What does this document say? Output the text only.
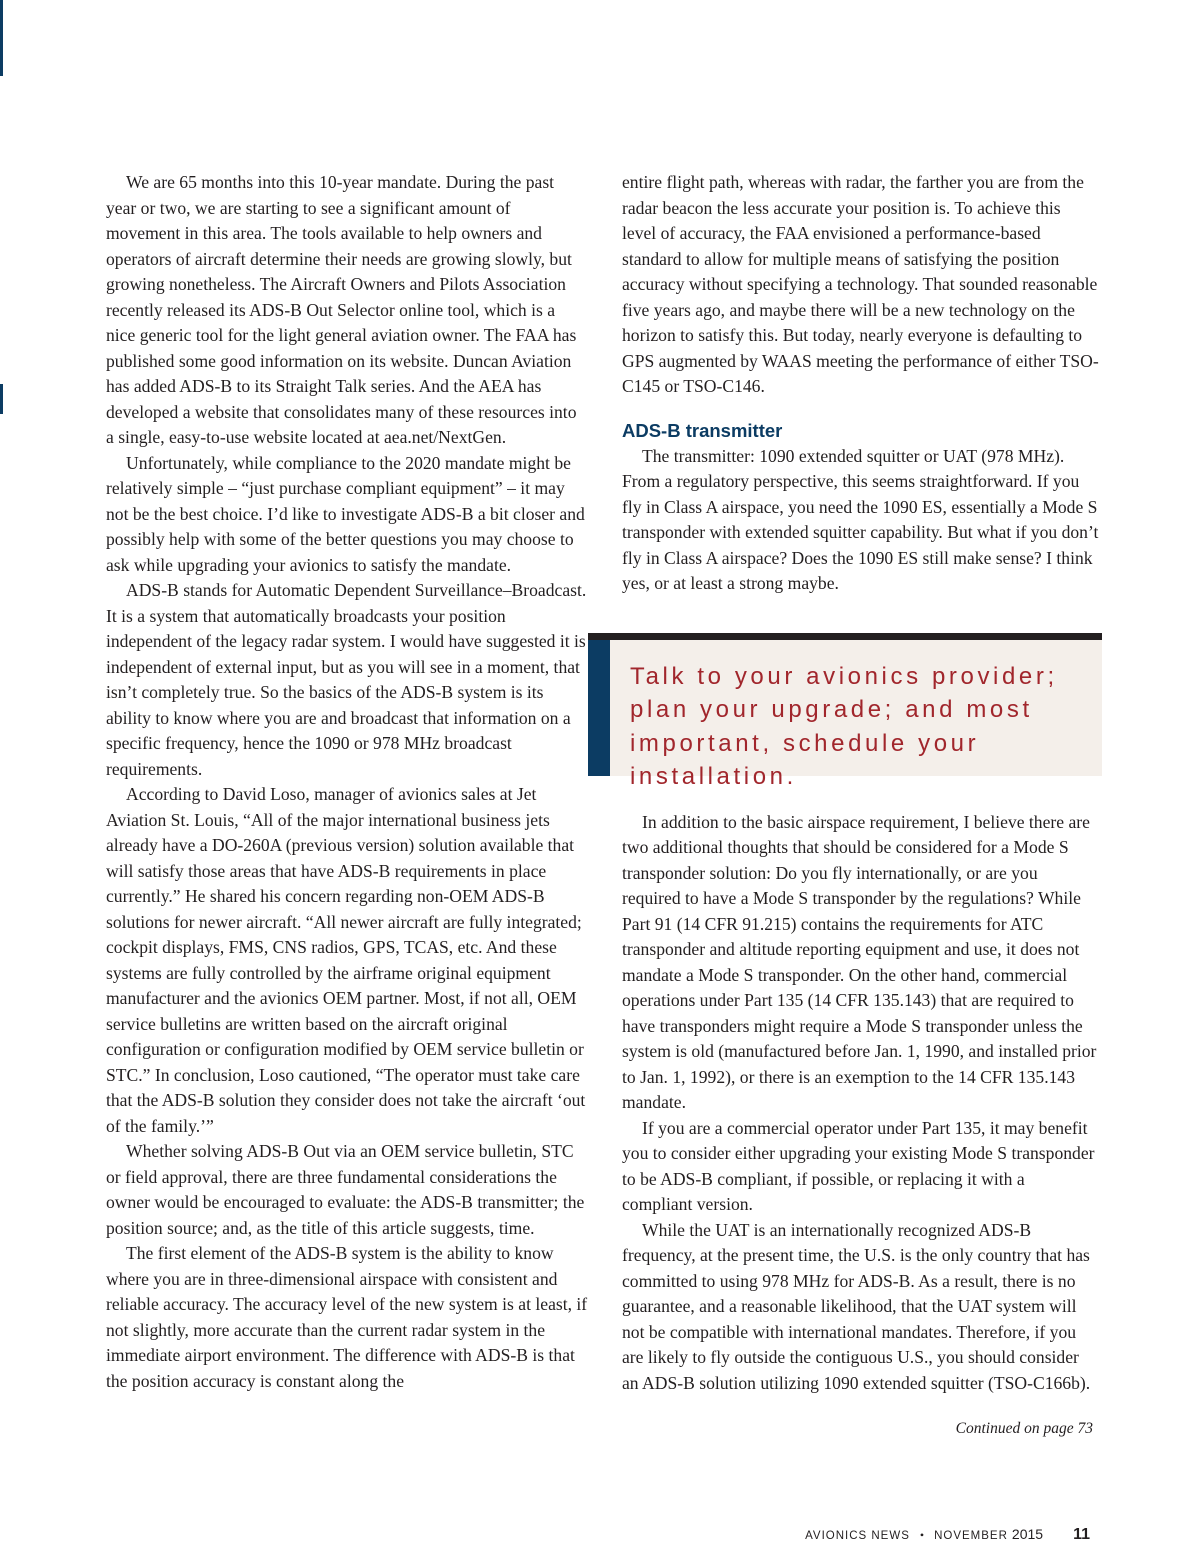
We are 65 months into this 10-year mandate. During the past year or two, we are starting to see a significant amount of movement in this area. The tools available to help owners and operators of aircraft determine their needs are growing slowly, but growing nonetheless. The Aircraft Owners and Pilots Association recently released its ADS-B Out Selector online tool, which is a nice generic tool for the light general aviation owner. The FAA has published some good information on its website. Duncan Aviation has added ADS-B to its Straight Talk series. And the AEA has developed a website that consolidates many of these resources into a single, easy-to-use website located at aea.net/NextGen.

Unfortunately, while compliance to the 2020 mandate might be relatively simple – “just purchase compliant equipment” – it may not be the best choice. I’d like to investigate ADS-B a bit closer and possibly help with some of the better questions you may choose to ask while upgrading your avionics to satisfy the mandate.

ADS-B stands for Automatic Dependent Surveillance–Broadcast. It is a system that automatically broadcasts your position independent of the legacy radar system. I would have suggested it is independent of external input, but as you will see in a moment, that isn’t completely true. So the basics of the ADS-B system is its ability to know where you are and broadcast that information on a specific frequency, hence the 1090 or 978 MHz broadcast requirements.

According to David Loso, manager of avionics sales at Jet Aviation St. Louis, “All of the major international business jets already have a DO-260A (previous version) solution available that will satisfy those areas that have ADS-B requirements in place currently.” He shared his concern regarding non-OEM ADS-B solutions for newer aircraft. “All newer aircraft are fully integrated; cockpit displays, FMS, CNS radios, GPS, TCAS, etc. And these systems are fully controlled by the airframe original equipment manufacturer and the avionics OEM partner. Most, if not all, OEM service bulletins are written based on the aircraft original configuration or configuration modified by OEM service bulletin or STC.” In conclusion, Loso cautioned, “The operator must take care that the ADS-B solution they consider does not take the aircraft ‘out of the family.’”

Whether solving ADS-B Out via an OEM service bulletin, STC or field approval, there are three fundamental considerations the owner would be encouraged to evaluate: the ADS-B transmitter; the position source; and, as the title of this article suggests, time.

The first element of the ADS-B system is the ability to know where you are in three-dimensional airspace with consistent and reliable accuracy. The accuracy level of the new system is at least, if not slightly, more accurate than the current radar system in the immediate airport environment. The difference with ADS-B is that the position accuracy is constant along the

entire flight path, whereas with radar, the farther you are from the radar beacon the less accurate your position is. To achieve this level of accuracy, the FAA envisioned a performance-based standard to allow for multiple means of satisfying the position accuracy without specifying a technology. That sounded reasonable five years ago, and maybe there will be a new technology on the horizon to satisfy this. But today, nearly everyone is defaulting to GPS augmented by WAAS meeting the performance of either TSO-C145 or TSO-C146.

ADS-B transmitter

The transmitter: 1090 extended squitter or UAT (978 MHz). From a regulatory perspective, this seems straightforward. If you fly in Class A airspace, you need the 1090 ES, essentially a Mode S transponder with extended squitter capability. But what if you don’t fly in Class A airspace? Does the 1090 ES still make sense? I think yes, or at least a strong maybe.

Talk to your avionics provider; plan your upgrade; and most important, schedule your installation.

In addition to the basic airspace requirement, I believe there are two additional thoughts that should be considered for a Mode S transponder solution: Do you fly internationally, or are you required to have a Mode S transponder by the regulations? While Part 91 (14 CFR 91.215) contains the requirements for ATC transponder and altitude reporting equipment and use, it does not mandate a Mode S transponder. On the other hand, commercial operations under Part 135 (14 CFR 135.143) that are required to have transponders might require a Mode S transponder unless the system is old (manufactured before Jan. 1, 1990, and installed prior to Jan. 1, 1992), or there is an exemption to the 14 CFR 135.143 mandate.

If you are a commercial operator under Part 135, it may benefit you to consider either upgrading your existing Mode S transponder to be ADS-B compliant, if possible, or replacing it with a compliant version.

While the UAT is an internationally recognized ADS-B frequency, at the present time, the U.S. is the only country that has committed to using 978 MHz for ADS-B. As a result, there is no guarantee, and a reasonable likelihood, that the UAT system will not be compatible with international mandates. Therefore, if you are likely to fly outside the contiguous U.S., you should consider an ADS-B solution utilizing 1090 extended squitter (TSO-C166b).

Continued on page 73
AVIONICS NEWS • NOVEMBER 2015 11
